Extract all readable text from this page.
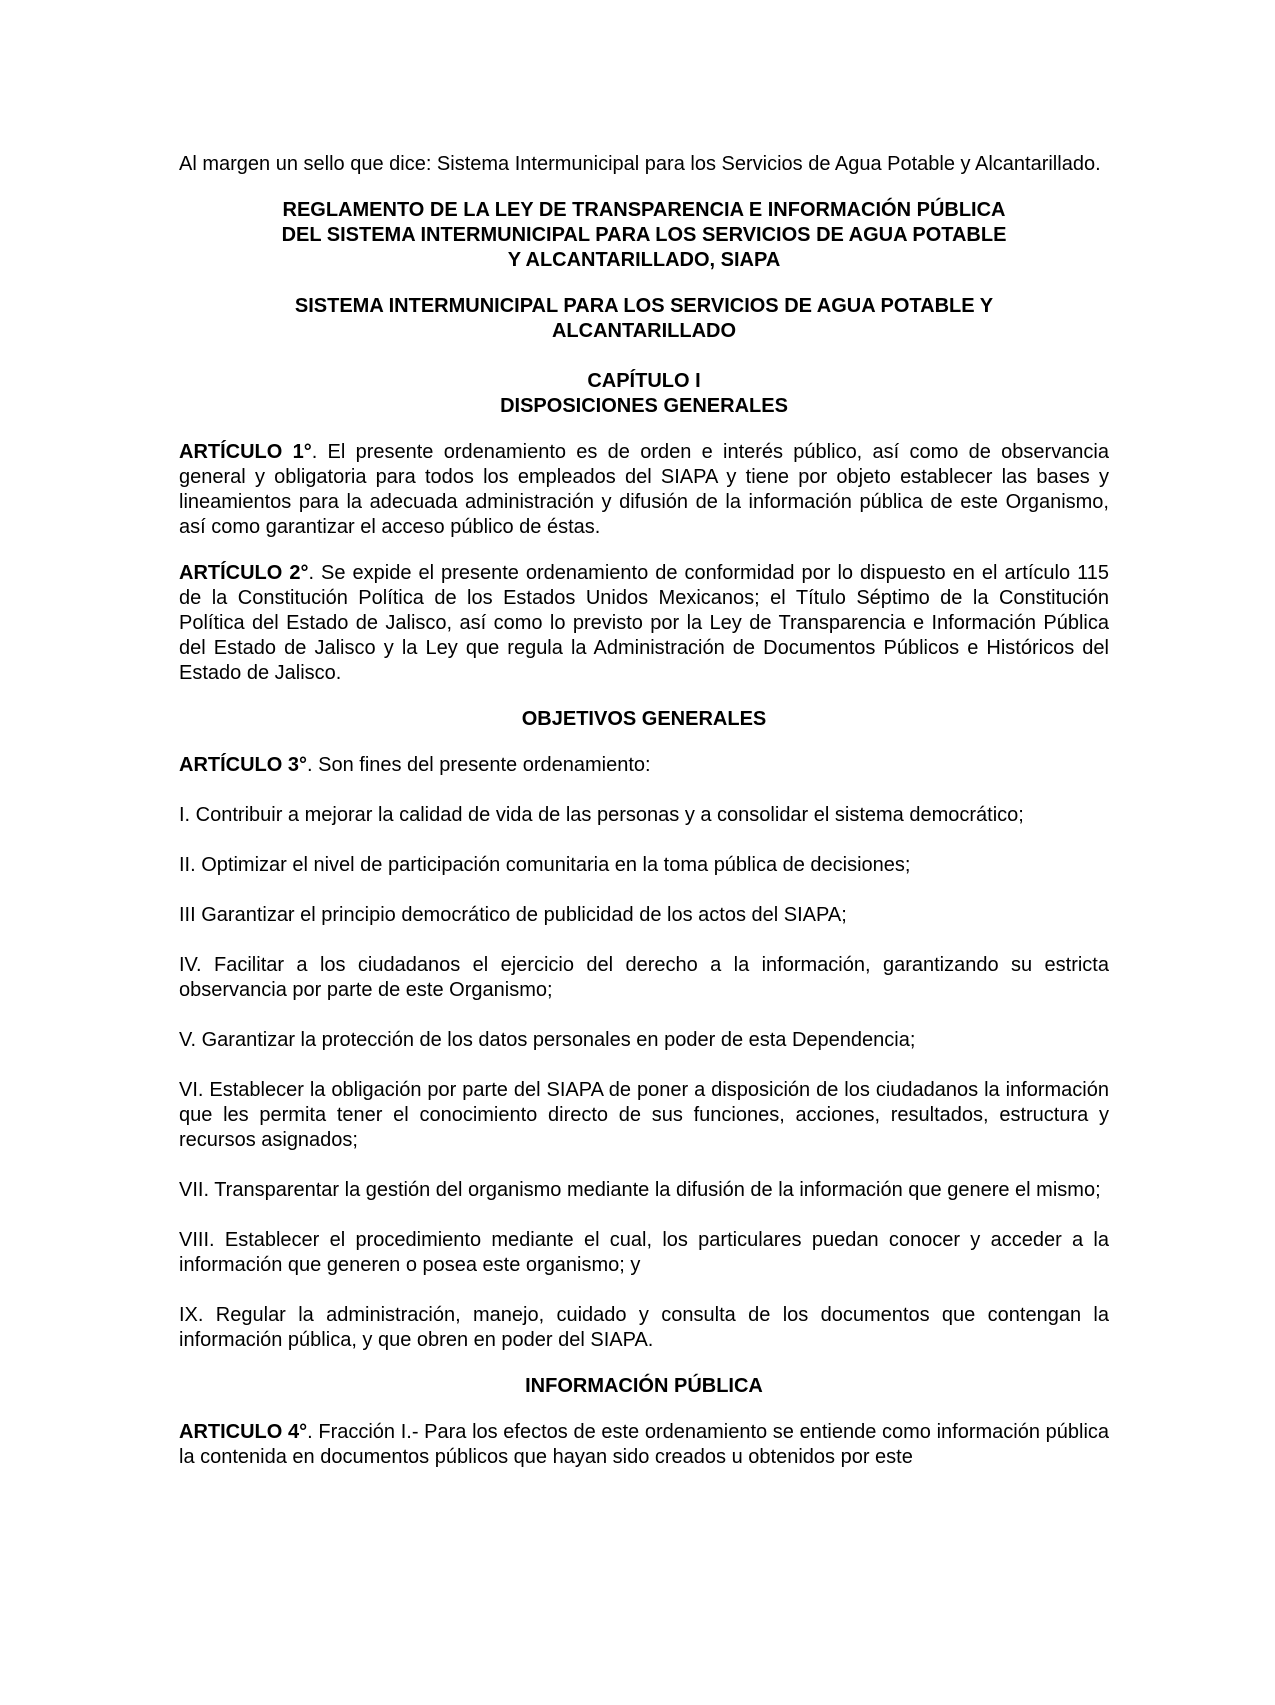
Al margen un sello que dice: Sistema Intermunicipal para los Servicios de Agua Potable y Alcantarillado.

REGLAMENTO DE LA LEY DE TRANSPARENCIA E INFORMACIÓN PÚBLICA

DEL SISTEMA INTERMUNICIPAL PARA LOS SERVICIOS DE AGUA POTABLE

Y ALCANTARILLADO, SIAPA

SISTEMA INTERMUNICIPAL PARA LOS SERVICIOS DE AGUA POTABLE Y

ALCANTARILLADO

CAPÍTULO I

DISPOSICIONES GENERALES

ARTÍCULO 1°. El presente ordenamiento es de orden e interés público, así como de observancia general y obligatoria para todos los empleados del SIAPA y tiene por objeto establecer las bases y lineamientos para la adecuada administración y difusión de la información pública de este Organismo, así como garantizar el acceso público de éstas.

ARTÍCULO 2°. Se expide el presente ordenamiento de conformidad por lo dispuesto en el artículo 115 de la Constitución Política de los Estados Unidos Mexicanos; el Título Séptimo de la Constitución Política del Estado de Jalisco, así como lo previsto por la Ley de Transparencia e Información Pública del Estado de Jalisco y la Ley que regula la Administración de Documentos Públicos e Históricos del Estado de Jalisco.

OBJETIVOS GENERALES

ARTÍCULO 3°. Son fines del presente ordenamiento:

I. Contribuir a mejorar la calidad de vida de las personas y a consolidar el sistema democrático;

II. Optimizar el nivel de participación comunitaria en la toma pública de decisiones;

III Garantizar el principio democrático de publicidad de los actos del SIAPA;

IV. Facilitar a los ciudadanos el ejercicio del derecho a la información, garantizando su estricta observancia por parte de este Organismo;

V. Garantizar la protección de los datos personales en poder de esta Dependencia;

VI. Establecer la obligación por parte del SIAPA de poner a disposición de los ciudadanos la información que les permita tener el conocimiento directo de sus funciones, acciones, resultados, estructura y recursos asignados;

VII. Transparentar la gestión del organismo mediante la difusión de la información que genere el mismo;

VIII. Establecer el procedimiento mediante el cual, los particulares puedan conocer y acceder a la información que generen o posea este organismo; y

IX. Regular la administración, manejo, cuidado y consulta de los documentos que contengan la información pública, y que obren en poder del SIAPA.

INFORMACIÓN PÚBLICA

ARTICULO 4°. Fracción I.- Para los efectos de este ordenamiento se entiende como información pública la contenida en documentos públicos que hayan sido creados u obtenidos por este
